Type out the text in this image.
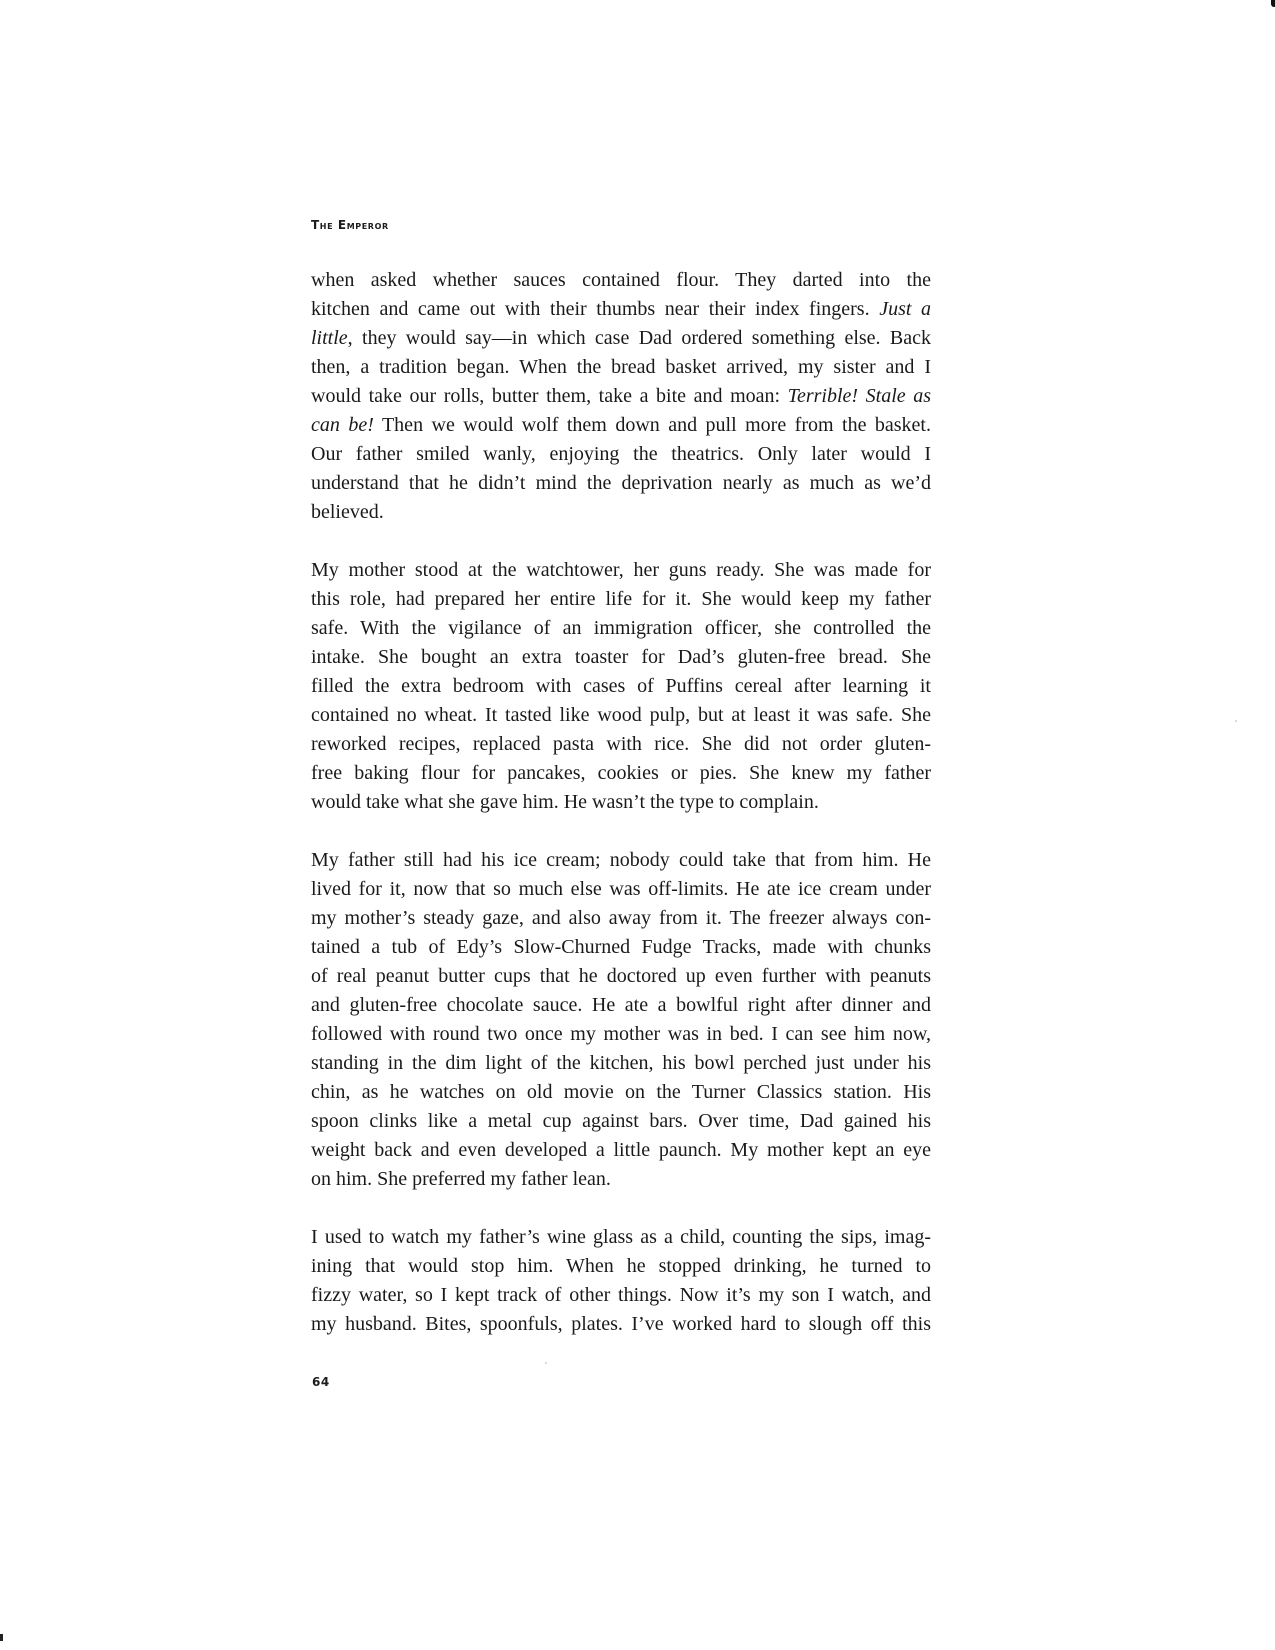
The Emperor
when asked whether sauces contained flour. They darted into the
kitchen and came out with their thumbs near their index fingers. Just a
little, they would say—in which case Dad ordered something else. Back
then, a tradition began. When the bread basket arrived, my sister and I
would take our rolls, butter them, take a bite and moan: Terrible! Stale as
can be! Then we would wolf them down and pull more from the basket.
Our father smiled wanly, enjoying the theatrics. Only later would I
understand that he didn’t mind the deprivation nearly as much as we’d
believed.
My mother stood at the watchtower, her guns ready. She was made for
this role, had prepared her entire life for it. She would keep my father
safe. With the vigilance of an immigration officer, she controlled the
intake. She bought an extra toaster for Dad’s gluten-free bread. She
filled the extra bedroom with cases of Puffins cereal after learning it
contained no wheat. It tasted like wood pulp, but at least it was safe. She
reworked recipes, replaced pasta with rice. She did not order gluten-
free baking flour for pancakes, cookies or pies. She knew my father
would take what she gave him. He wasn’t the type to complain.
My father still had his ice cream; nobody could take that from him. He
lived for it, now that so much else was off-limits. He ate ice cream under
my mother’s steady gaze, and also away from it. The freezer always con-
tained a tub of Edy’s Slow-Churned Fudge Tracks, made with chunks
of real peanut butter cups that he doctored up even further with peanuts
and gluten-free chocolate sauce. He ate a bowlful right after dinner and
followed with round two once my mother was in bed. I can see him now,
standing in the dim light of the kitchen, his bowl perched just under his
chin, as he watches on old movie on the Turner Classics station. His
spoon clinks like a metal cup against bars. Over time, Dad gained his
weight back and even developed a little paunch. My mother kept an eye
on him. She preferred my father lean.
I used to watch my father’s wine glass as a child, counting the sips, imag-
ining that would stop him. When he stopped drinking, he turned to
fizzy water, so I kept track of other things. Now it’s my son I watch, and
my husband. Bites, spoonfuls, plates. I’ve worked hard to slough off this
64
